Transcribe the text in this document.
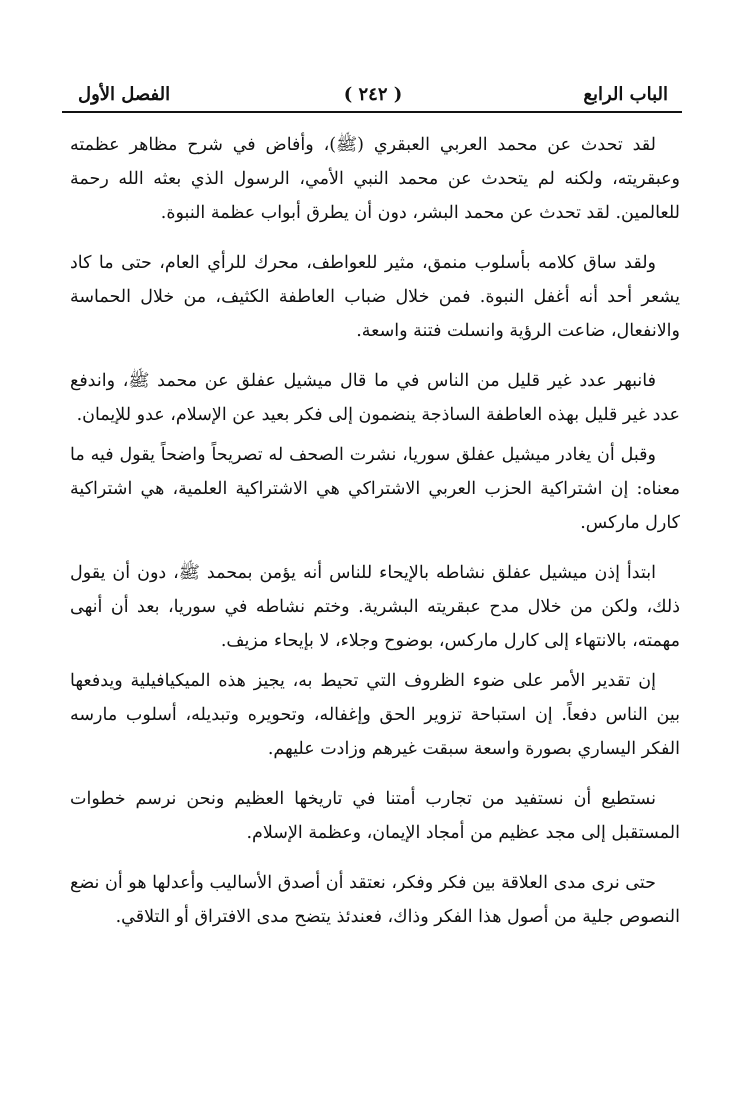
الباب الرابع
( ٢٤٢ )
الفصل الأول

لقد تحدث عن محمد العربي العبقري (ﷺ)، وأفاض في شرح مظاهر عظمته وعبقريته، ولكنه لم يتحدث عن محمد النبي الأمي، الرسول الذي بعثه الله رحمة للعالمين. لقد تحدث عن محمد البشر، دون أن يطرق أبواب عظمة النبوة.

ولقد ساق كلامه بأسلوب منمق، مثير للعواطف، محرك للرأي العام، حتى ما كاد يشعر أحد أنه أغفل النبوة. فمن خلال ضباب العاطفة الكثيف، من خلال الحماسة والانفعال، ضاعت الرؤية وانسلت فتنة واسعة.

فانبهر عدد غير قليل من الناس في ما قال ميشيل عفلق عن محمد ﷺ، واندفع عدد غير قليل بهذه العاطفة الساذجة ينضمون إلى فكر بعيد عن الإسلام، عدو للإيمان.

وقبل أن يغادر ميشيل عفلق سوريا، نشرت الصحف له تصريحاً واضحاً يقول فيه ما معناه: إن اشتراكية الحزب العربي الاشتراكي هي الاشتراكية العلمية، هي اشتراكية كارل ماركس.

ابتدأ إذن ميشيل عفلق نشاطه بالإيحاء للناس أنه يؤمن بمحمد ﷺ، دون أن يقول ذلك، ولكن من خلال مدح عبقريته البشرية. وختم نشاطه في سوريا، بعد أن أنهى مهمته، بالانتهاء إلى كارل ماركس، بوضوح وجلاء، لا بإيحاء مزيف.

إن تقدير الأمر على ضوء الظروف التي تحيط به، يجيز هذه الميكيافيلية ويدفعها بين الناس دفعاً. إن استباحة تزوير الحق وإغفاله، وتحويره وتبديله، أسلوب مارسه الفكر اليساري بصورة واسعة سبقت غيرهم وزادت عليهم.

نستطيع أن نستفيد من تجارب أمتنا في تاريخها العظيم ونحن نرسم خطوات المستقبل إلى مجد عظيم من أمجاد الإيمان، وعظمة الإسلام.

حتى نرى مدى العلاقة بين فكر وفكر، نعتقد أن أصدق الأساليب وأعدلها هو أن نضع النصوص جلية من أصول هذا الفكر وذاك، فعندئذ يتضح مدى الافتراق أو التلاقي.
